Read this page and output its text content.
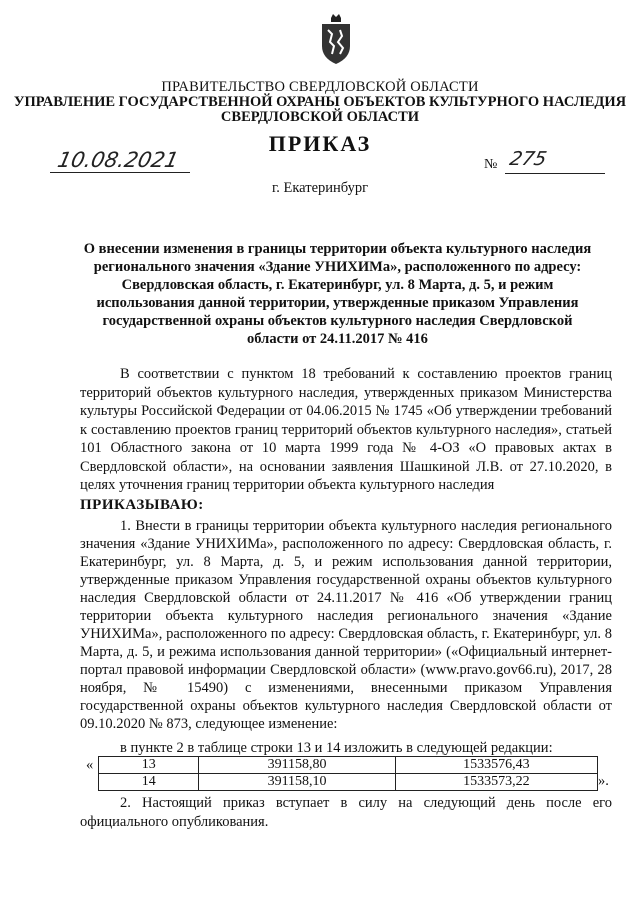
ПРАВИТЕЛЬСТВО СВЕРДЛОВСКОЙ ОБЛАСТИ
УПРАВЛЕНИЕ ГОСУДАРСТВЕННОЙ ОХРАНЫ ОБЪЕКТОВ КУЛЬТУРНОГО НАСЛЕДИЯ
СВЕРДЛОВСКОЙ ОБЛАСТИ
ПРИКАЗ
10.08.2021	№ 275
г. Екатеринбург
О внесении изменения в границы территории объекта культурного наследия регионального значения «Здание УНИХИМа», расположенного по адресу: Свердловская область, г. Екатеринбург, ул. 8 Марта, д. 5, и режим использования данной территории, утвержденные приказом Управления государственной охраны объектов культурного наследия Свердловской области от 24.11.2017 № 416
В соответствии с пунктом 18 требований к составлению проектов границ территорий объектов культурного наследия, утвержденных приказом Министерства культуры Российской Федерации от 04.06.2015 № 1745 «Об утверждении требований к составлению проектов границ территорий объектов культурного наследия», статьей 101 Областного закона от 10 марта 1999 года № 4-ОЗ «О правовых актах в Свердловской области», на основании заявления Шашкиной Л.В. от 27.10.2020, в целях уточнения границ территории объекта культурного наследия
ПРИКАЗЫВАЮ:
1. Внести в границы территории объекта культурного наследия регионального значения «Здание УНИХИМа», расположенного по адресу: Свердловская область, г. Екатеринбург, ул. 8 Марта, д. 5, и режим использования данной территории, утвержденные приказом Управления государственной охраны объектов культурного наследия Свердловской области от 24.11.2017 № 416 «Об утверждении границ территории объекта культурного наследия регионального значения «Здание УНИХИМа», расположенного по адресу: Свердловская область, г. Екатеринбург, ул. 8 Марта, д. 5, и режима использования данной территории» («Официальный интернет-портал правовой информации Свердловской области» (www.pravo.gov66.ru), 2017, 28 ноября, № 15490) с изменениями, внесенными приказом Управления государственной охраны объектов культурного наследия Свердловской области от 09.10.2020 № 873, следующее изменение:
в пункте 2 в таблице строки 13 и 14 изложить в следующей редакции:
«	13	391158,80	1533576,43
14	391158,10	1533573,22	».
2. Настоящий приказ вступает в силу на следующий день после его официального опубликования.
